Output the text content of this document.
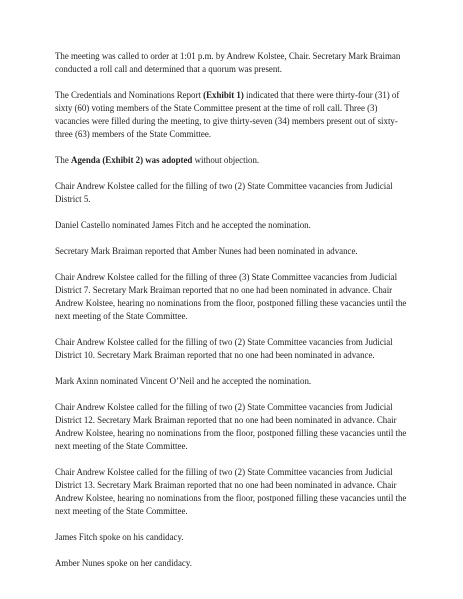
The meeting was called to order at 1:01 p.m. by Andrew Kolstee, Chair. Secretary Mark Braiman conducted a roll call and determined that a quorum was present.

The Credentials and Nominations Report (Exhibit 1) indicated that there were thirty-four (31) of sixty (60) voting members of the State Committee present at the time of roll call. Three (3) vacancies were filled during the meeting, to give thirty-seven (34) members present out of sixty-three (63) members of the State Committee.

The Agenda (Exhibit 2) was adopted without objection.

Chair Andrew Kolstee called for the filling of two (2) State Committee vacancies from Judicial District 5.

Daniel Castello nominated James Fitch and he accepted the nomination.

Secretary Mark Braiman reported that Amber Nunes had been nominated in advance.

Chair Andrew Kolstee called for the filling of three (3) State Committee vacancies from Judicial District 7. Secretary Mark Braiman reported that no one had been nominated in advance. Chair Andrew Kolstee, hearing no nominations from the floor, postponed filling these vacancies until the next meeting of the State Committee.

Chair Andrew Kolstee called for the filling of two (2) State Committee vacancies from Judicial District 10. Secretary Mark Braiman reported that no one had been nominated in advance.

Mark Axinn nominated Vincent O’Neil and he accepted the nomination.

Chair Andrew Kolstee called for the filling of two (2) State Committee vacancies from Judicial District 12. Secretary Mark Braiman reported that no one had been nominated in advance. Chair Andrew Kolstee, hearing no nominations from the floor, postponed filling these vacancies until the next meeting of the State Committee.

Chair Andrew Kolstee called for the filling of two (2) State Committee vacancies from Judicial District 13. Secretary Mark Braiman reported that no one had been nominated in advance. Chair Andrew Kolstee, hearing no nominations from the floor, postponed filling these vacancies until the next meeting of the State Committee.

James Fitch spoke on his candidacy.

Amber Nunes spoke on her candidacy.
